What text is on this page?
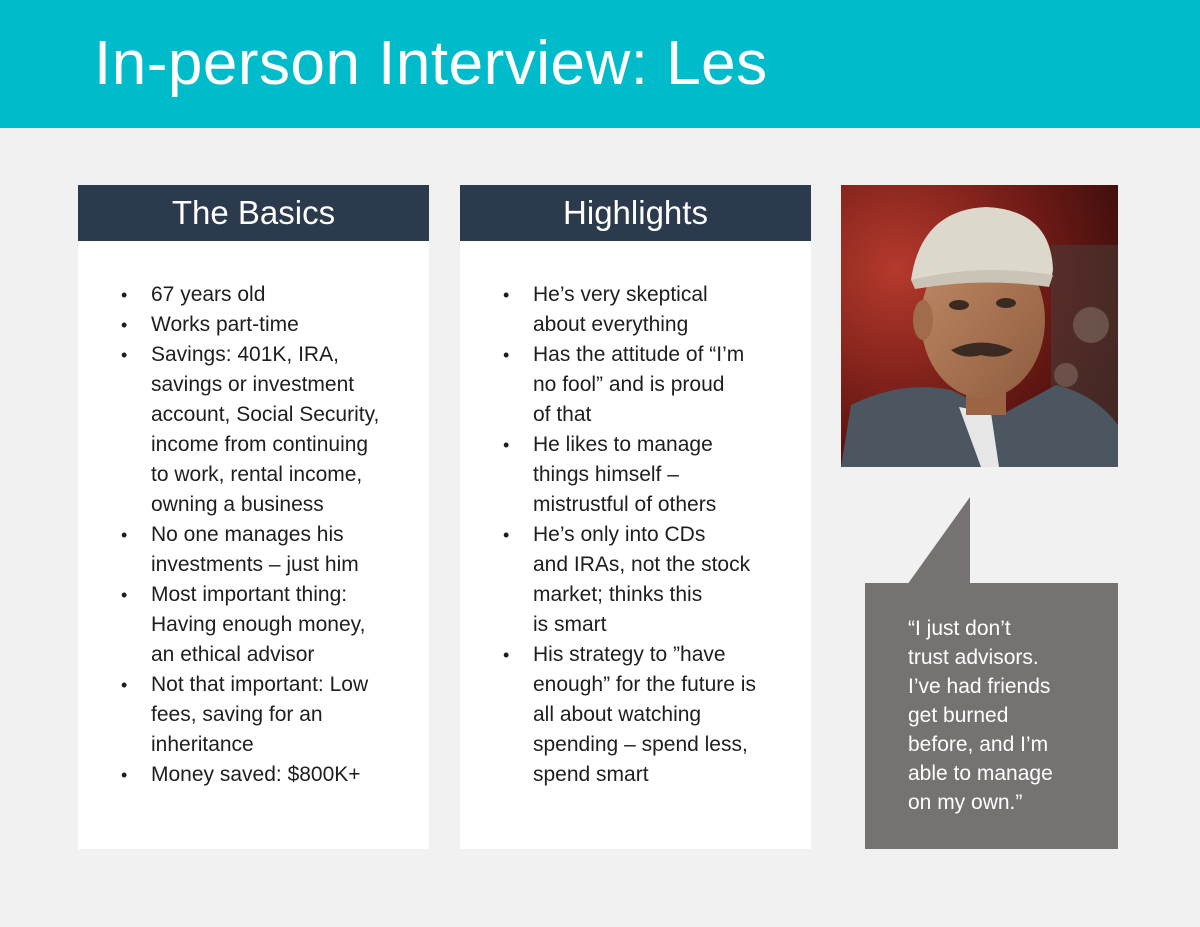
In-person Interview: Les
The Basics
• 67 years old
• Works part-time
• Savings: 401K, IRA,
savings or investment
account, Social Security,
income from continuing
to work, rental income,
owning a business
• No one manages his
investments – just him
• Most important thing:
Having enough money,
an ethical advisor
• Not that important: Low
fees, saving for an
inheritance
• Money saved: $800K+
Highlights
• He’s very skeptical
about everything
• Has the attitude of “I’m
no fool” and is proud
of that
• He likes to manage
things himself –
mistrustful of others
• He’s only into CDs
and IRAs, not the stock
market; thinks this
is smart
• His strategy to ”have
enough” for the future is
all about watching
spending – spend less,
spend smart

“I just don’t
trust advisors.
I’ve had friends
get burned
before, and I’m
able to manage
on my own.”
